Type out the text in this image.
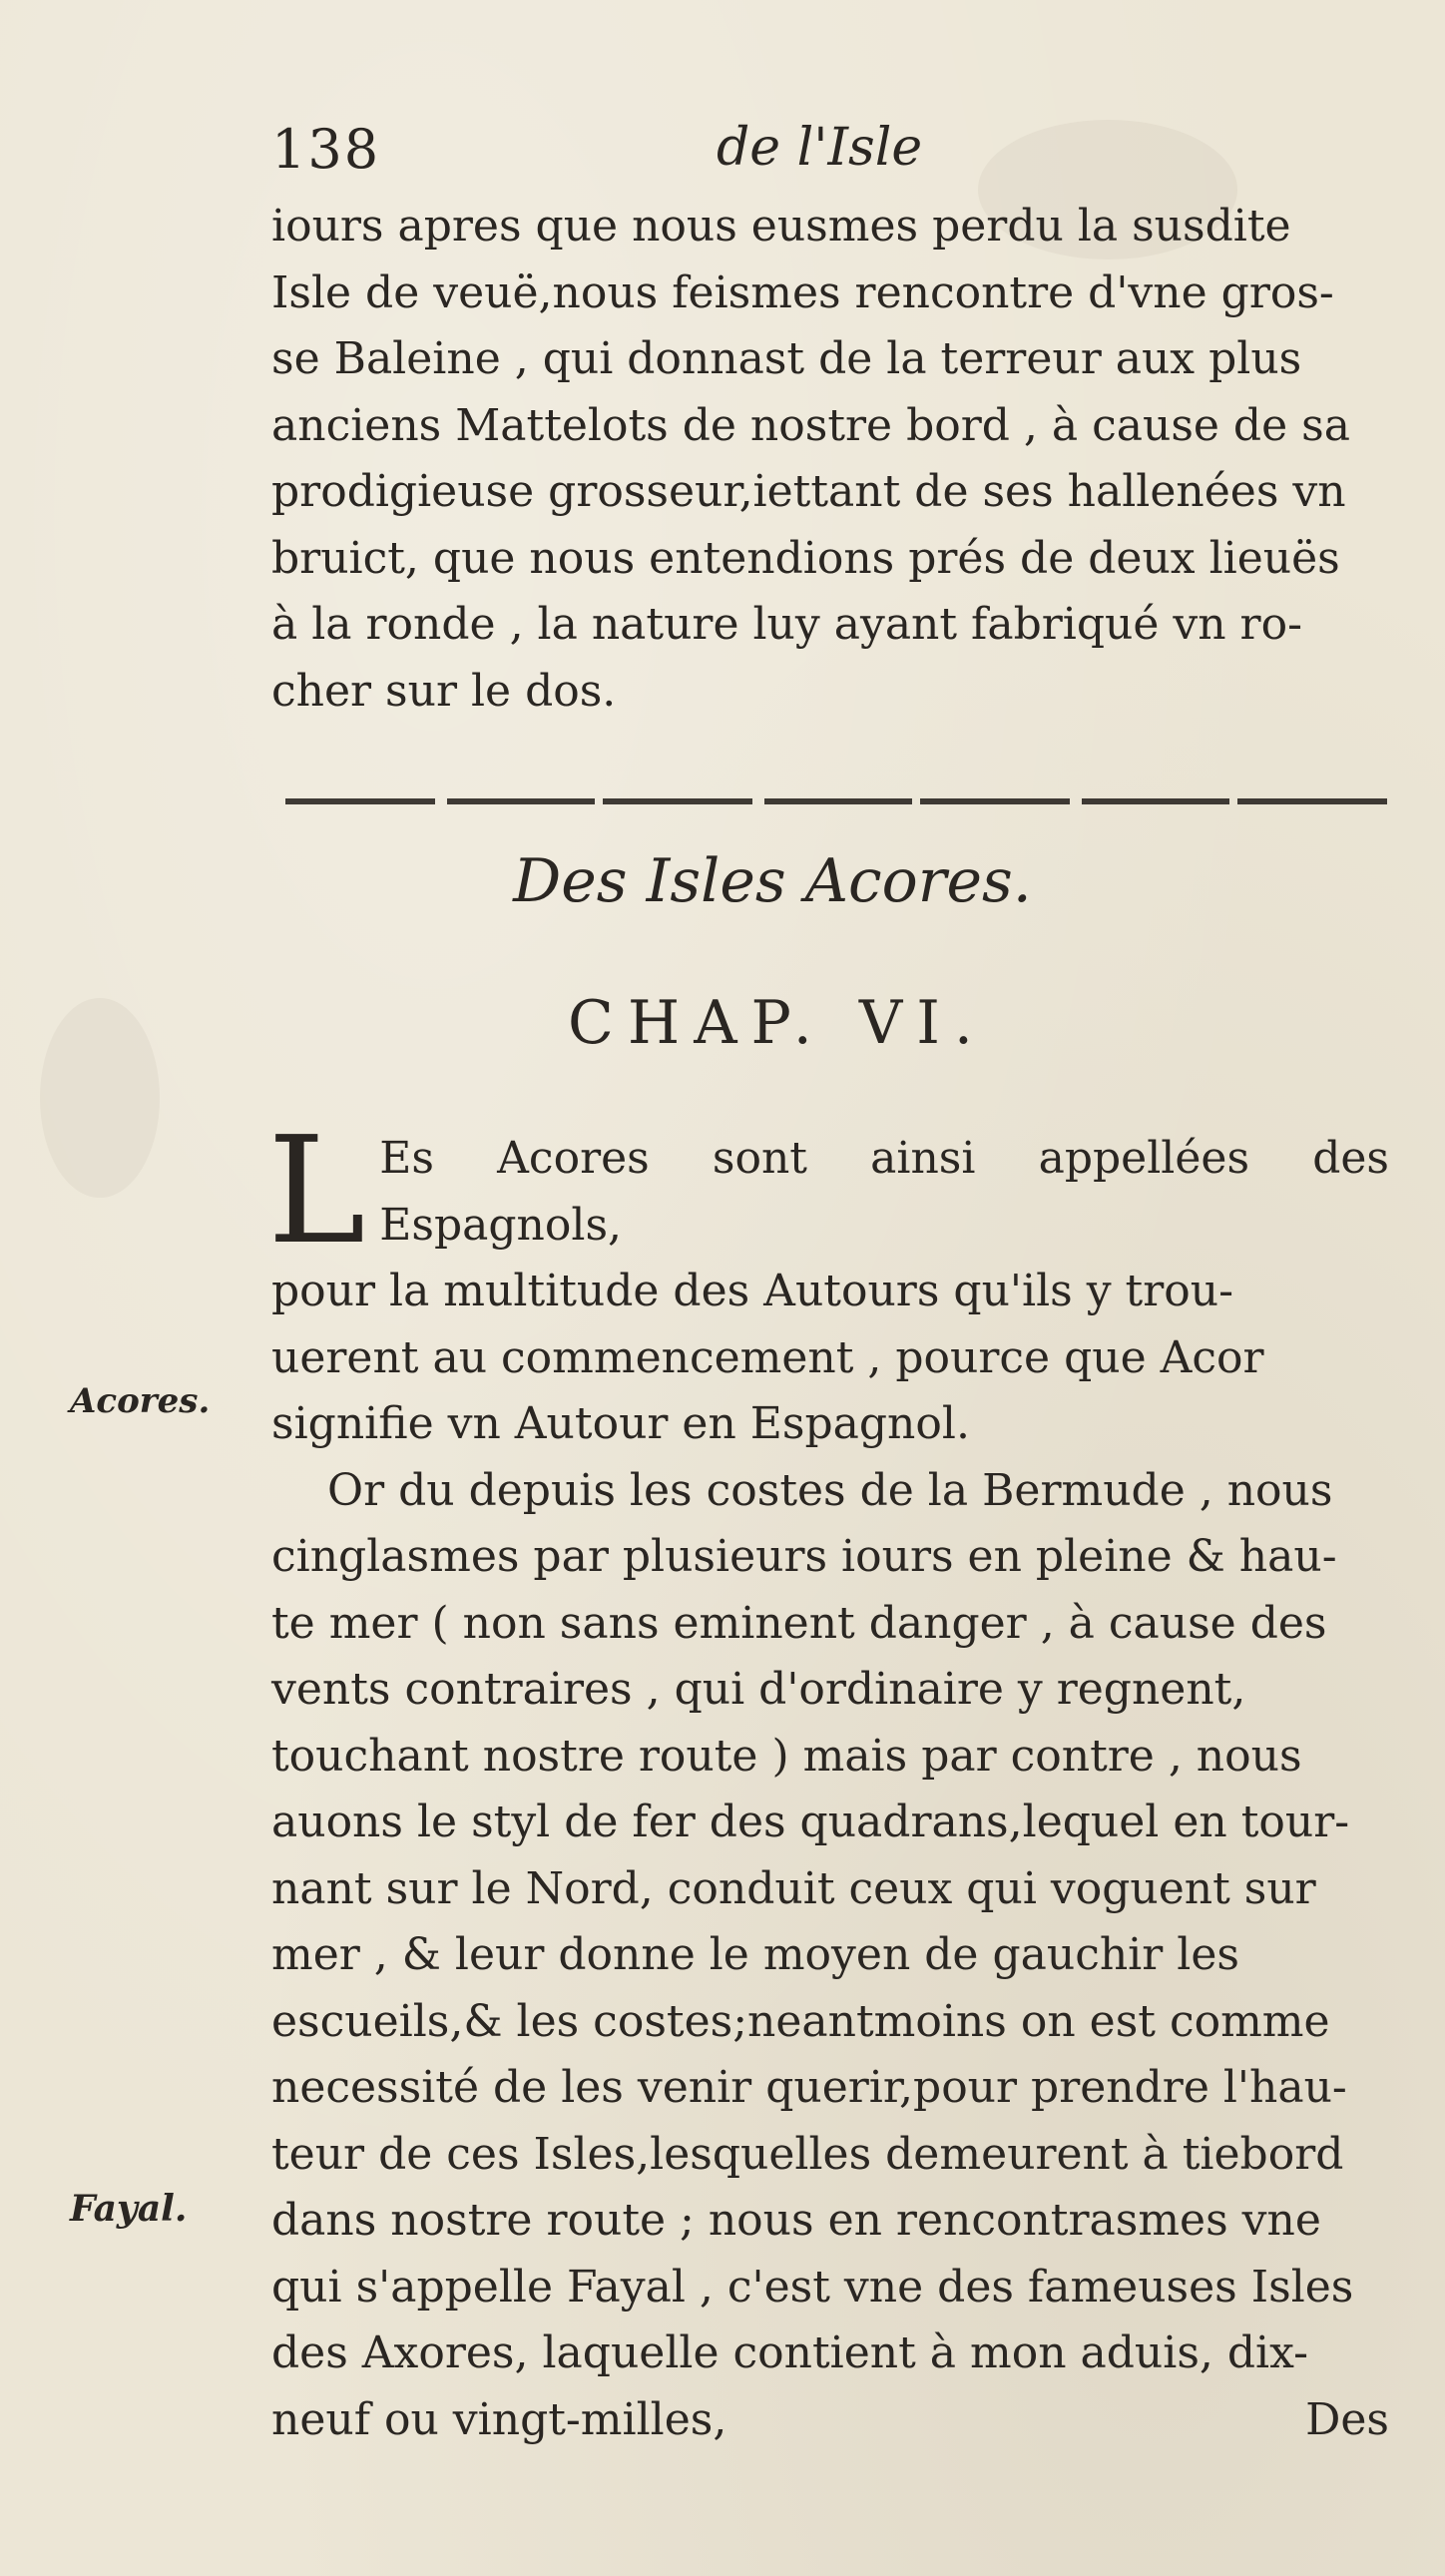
138	de l'Isle
iours apres que nous eusmes perdu la susdite
Isle de veuë,nous feismes rencontre d'vne gros-
se Baleine , qui donnast de la terreur aux plus
anciens Mattelots de nostre bord , à cause de sa
prodigieuse grosseur,iettant de ses hallenées vn
bruict, que nous entendions prés de deux lieuës
à la ronde , la nature luy ayant fabriqué vn ro-
cher sur le dos.
Des Isles Acores.
CHAP. VI.
L Es Acores sont ainsi appellées des Espagnols,
pour la multitude des Autours qu'ils y trou-
uerent au commencement , pource que Acor
signifie vn Autour en Espagnol.
Or du depuis les costes de la Bermude , nous
cinglasmes par plusieurs iours en pleine & hau-
te mer ( non sans eminent danger , à cause des
vents contraires , qui d'ordinaire y regnent,
touchant nostre route ) mais par contre , nous
auons le styl de fer des quadrans,lequel en tour-
nant sur le Nord, conduit ceux qui voguent sur
mer , & leur donne le moyen de gauchir les
escueils,& les costes;neantmoins on est comme
necessité de les venir querir,pour prendre l'hau-
teur de ces Isles,lesquelles demeurent à tiebord
dans nostre route ; nous en rencontrasmes vne
qui s'appelle Fayal , c'est vne des fameuses Isles
des Axores, laquelle contient à mon aduis, dix-
neuf ou vingt-milles,	Des
Acores.
Fayal.
